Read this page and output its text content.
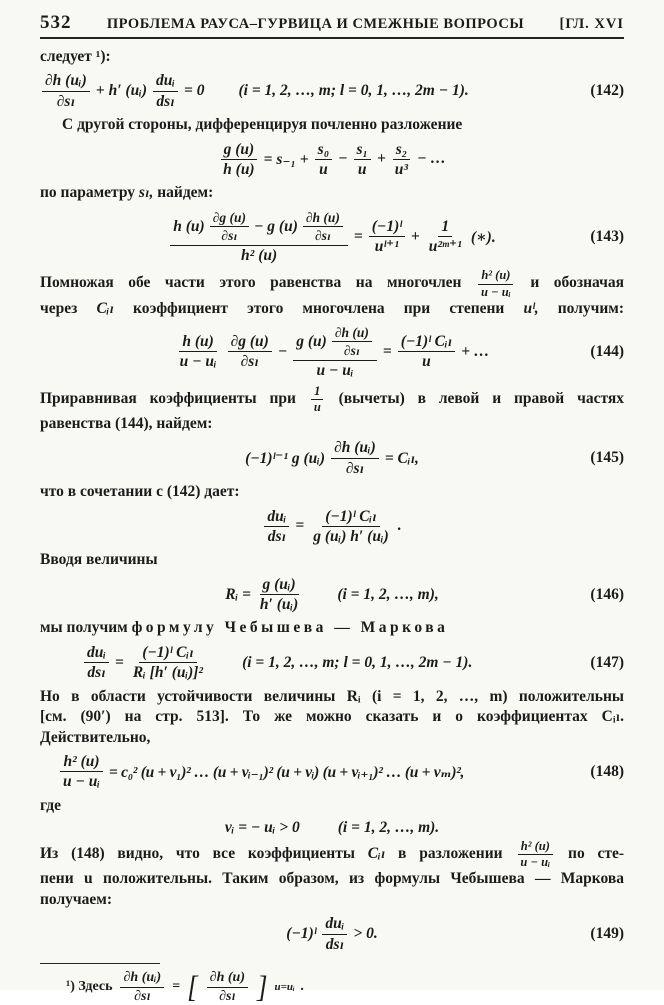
532	ПРОБЛЕМА РАУСА–ГУРВИЦА И СМЕЖНЫЕ ВОПРОСЫ	[ГЛ. XVI
следует ¹):
$\frac{\text{∂h (uᵢ)}}{\text{∂sₗ}} + h'$ (uᵢ)
duᵢ
dsₗ
= 0 (i = 1, 2, …, m; l = 0, 1, …, 2m − 1).	(142)
С другой стороны, дифференцируя почленно разложение
$\frac{g (u)}{h (u)} = s_{-1} + \frac{\text{s₀}}{u} - \frac{\text{s₁}}{u} + \frac{\text{s₂}}{\text{u³}}$ − …
по параметру sₗ, найдем:
h $(u) \frac{\partial g (u)}{\text{∂sₗ}} - g$ $(u) \frac{\partial h (u)}{\text{∂sₗ}}$
h² (u)
= $\frac{\text{(−1)ˡ}}{\text{uˡ⁺¹}} + \frac{1}{\text{u²ᵐ⁺¹}}$ (∗).	(143)
Помножая обе части этого равенства на многочлен $\frac{\text{h² (u)}}{\text{u − uᵢ}}$ и обозначая
через Cᵢₗ коэффициент этого многочлена при степени uˡ, получим:
$\frac{h (u)}{\text{u − uᵢ}} \frac{\partial g (u)}{\text{∂sₗ}} - \frac{g (u) \frac{\partial h (u)}{\text{∂sₗ}}}{\text{u − uᵢ}}$ =
(−1)ˡ Cᵢₗ
u
+ …	(144)
Приравнивая коэффициенты при $\frac{1}{u}$ (вычеты) в левой и правой частях
равенства (144), найдем:
(−1)ˡ⁻¹ g (uᵢ) $\frac{\text{∂h (uᵢ)}}{\text{∂sₗ}}$ = Cᵢₗ,	(145)
что в сочетании с (142) дает:
duᵢ
dsₗ
=
(−1)ˡ Cᵢₗ
g (uᵢ) h′ (uᵢ)
.
Вводя величины
Rᵢ = $\frac{\text{g (uᵢ)}}{\text{h′ (uᵢ)}} (i = 1$, 2, …, m),	(146)
мы получим формулу Чебышева — Маркова
duᵢ
dsₗ
=
(−1)ˡ Cᵢₗ
Rᵢ [h′ (uᵢ)]²
(i = 1, 2, …, m; l = 0, 1, …, 2m − 1).	(147)
Но в области устойчивости величины Rᵢ (i = 1, 2, …, m) положительны
[см. (90′) на стр. 513]. То же можно сказать и о коэффициентах Cᵢₗ.
Действительно,
$\frac{\text{h² (u)}}{\text{u − uᵢ}} = c_0^2$ (u + v₁)² … (u + vᵢ₋₁)² (u + vᵢ) (u + vᵢ₊₁)² … (u + vₘ)²,	(148)
где
vᵢ = − uᵢ > 0 (i = 1, 2, …, m).
Из (148) видно, что все коэффициенты Cᵢₗ в разложении $\frac{\text{h² (u)}}{\text{u − uᵢ}}$ по сте-
пени u положительны. Таким образом, из формулы Чебышева — Маркова
получаем:
(−1)ˡ
duᵢ
dsₗ
> 0.	(149)
¹) Здесь $\frac{\text{∂h (uᵢ)}}{\text{∂sₗ}}$ = [ $\frac{\partial h (u)}{\text{∂sₗ}}$ ] u=uᵢ .
